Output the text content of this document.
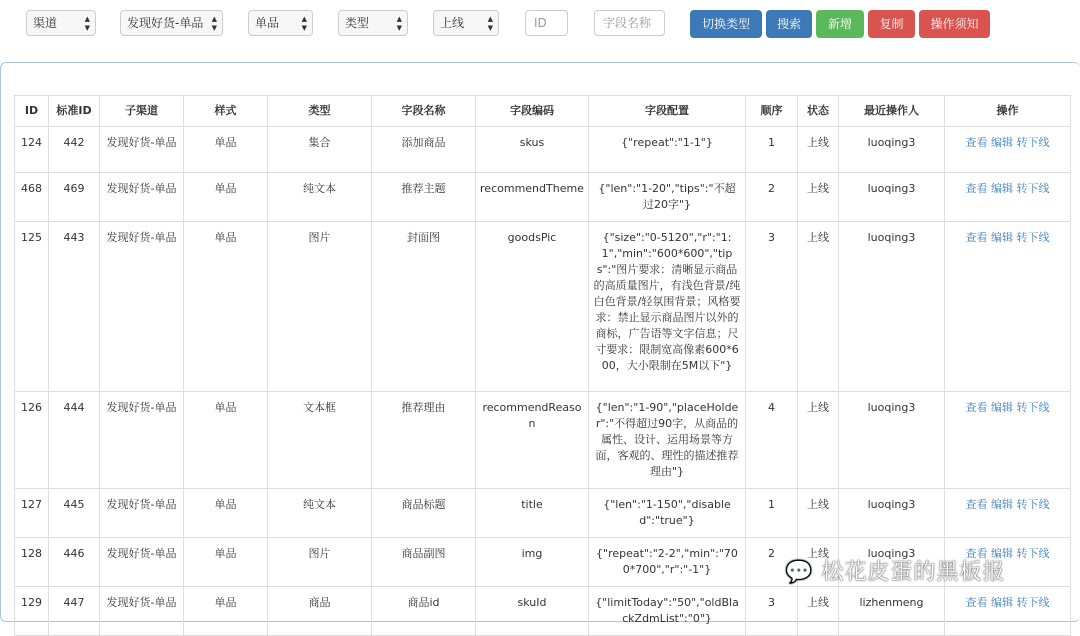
渠道	▲
▼	发现好货-单品 ▲
▼	单品	▲
▼	类型	▲
▼	上线	▲
▼	ID	字段名称	切换类型	搜索	新增	复制	操作须知
ID	标准ID	子渠道	样式	类型	字段名称	字段编码	字段配置	顺序	状态	最近操作人	操作
124	442	发现好货-单品	单品	集合	添加商品	skus	{"repeat":"1-1"}	1	上线	luoqing3	查看 编辑 转下线
468	469	发现好货-单品	单品	纯文本	推荐主题	recommendTheme	{"len":"1-20","tips":"不超过20字"}	2	上线	luoqing3	查看 编辑 转下线
125	443	发现好货-单品	单品	图片	封面图	goodsPic	{"size":"0-5120","r":"1:1","min":"600*600","tips":"图片要求：清晰显示商品的高质量图片，有浅色背景/纯白色背景/轻氛围背景；风格要求：禁止显示商品图片以外的商标，广告语等文字信息；尺寸要求：限制宽高像素600*600，大小限制在5M以下"}	3	上线	luoqing3	查看 编辑 转下线
126	444	发现好货-单品	单品	文本框	推荐理由	recommendReason	{"len":"1-90","placeHolder":"不得超过90字，从商品的属性、设计、运用场景等方面，客观的、理性的描述推荐理由"}	4	上线	luoqing3	查看 编辑 转下线
127	445	发现好货-单品	单品	纯文本	商品标题	title	{"len":"1-150","disabled":"true"}	1	上线	luoqing3	查看 编辑 转下线
128	446	发现好货-单品	单品	图片	商品副图	img	{"repeat":"2-2","min":"700*700","r":"-1"}	2	上线	luoqing3	查看 编辑 转下线
129	447	发现好货-单品	单品	商品	商品id	skuId	{"limitToday":"50","oldBlackZdmList":"0"}	3	上线	lizhenmeng	查看 编辑 转下线
💬 松花皮蛋的黑板报
